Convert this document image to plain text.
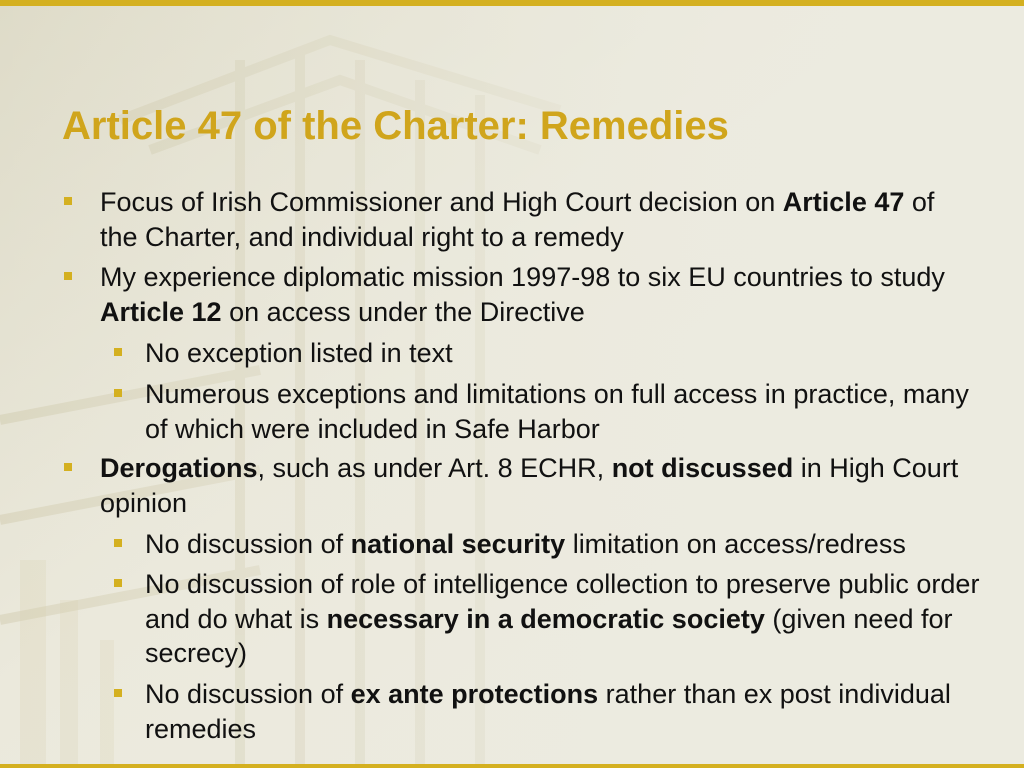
Article 47 of the Charter: Remedies
Focus of Irish Commissioner and High Court decision on Article 47 of the Charter, and individual right to a remedy
My experience diplomatic mission 1997-98 to six EU countries to study Article 12 on access under the Directive
No exception listed in text
Numerous exceptions and limitations on full access in practice, many of which were included in Safe Harbor
Derogations, such as under Art. 8 ECHR, not discussed in High Court opinion
No discussion of national security limitation on access/redress
No discussion of role of intelligence collection to preserve public order and do what is necessary in a democratic society (given need for secrecy)
No discussion of ex ante protections rather than ex post individual remedies
